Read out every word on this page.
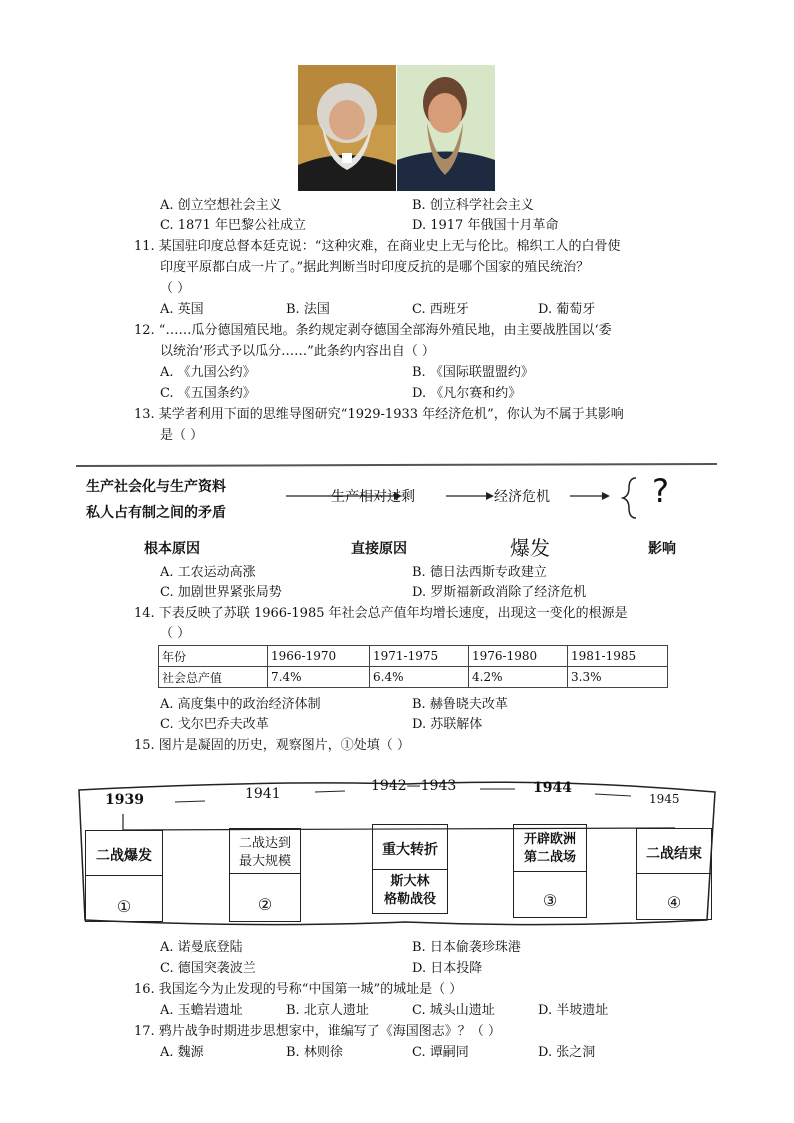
A. 创立空想社会主义	B. 创立科学社会主义
C. 1871 年巴黎公社成立	D. 1917 年俄国十月革命
11. 某国驻印度总督本廷克说：“这种灾难，在商业史上无与伦比。棉织工人的白骨使
印度平原都白成一片了。”据此判断当时印度反抗的是哪个国家的殖民统治？
（ ）
A. 英国	B. 法国	C. 西班牙	D. 葡萄牙
12. “……瓜分德国殖民地。条约规定剥夺德国全部海外殖民地，由主要战胜国以‘委
以统治’形式予以瓜分……”此条约内容出自（ ）
A. 《九国公约》	B. 《国际联盟盟约》
C. 《五国条约》	D. 《凡尔赛和约》
13. 某学者利用下面的思维导图研究“1929-1933 年经济危机”，你认为不属于其影响
是（ ）
生产社会化与生产资料
私人占有制之间的矛盾
生产相对过剩	经济危机	?
根本原因	直接原因	爆发	影响
A. 工农运动高涨	B. 德日法西斯专政建立
C. 加剧世界紧张局势	D. 罗斯福新政消除了经济危机
14. 下表反映了苏联 1966-1985 年社会总产值年均增长速度，出现这一变化的根源是
（ ）
年份	1966-1970	1971-1975	1976-1980	1981-1985
社会总产值	7.4%	6.4%	4.2%	3.3%
A. 高度集中的政治经济体制	B. 赫鲁晓夫改革
C. 戈尔巴乔夫改革	D. 苏联解体
15. 图片是凝固的历史，观察图片，①处填（ ）
1939	1941	1942—1943	1944
1945
二战爆发
①
二战达到
最大规模
②
重大转折
斯大林
格勒战役
开辟欧洲
第二战场
③
二战结束
④
A. 诺曼底登陆	B. 日本偷袭珍珠港
C. 德国突袭波兰	D. 日本投降
16. 我国迄今为止发现的号称“中国第一城”的城址是（ ）
A. 玉蟾岩遗址	B. 北京人遗址	C. 城头山遗址	D. 半坡遗址
17. 鸦片战争时期进步思想家中，谁编写了《海国图志》？（ ）
A. 魏源	B. 林则徐	C. 谭嗣同	D. 张之洞
